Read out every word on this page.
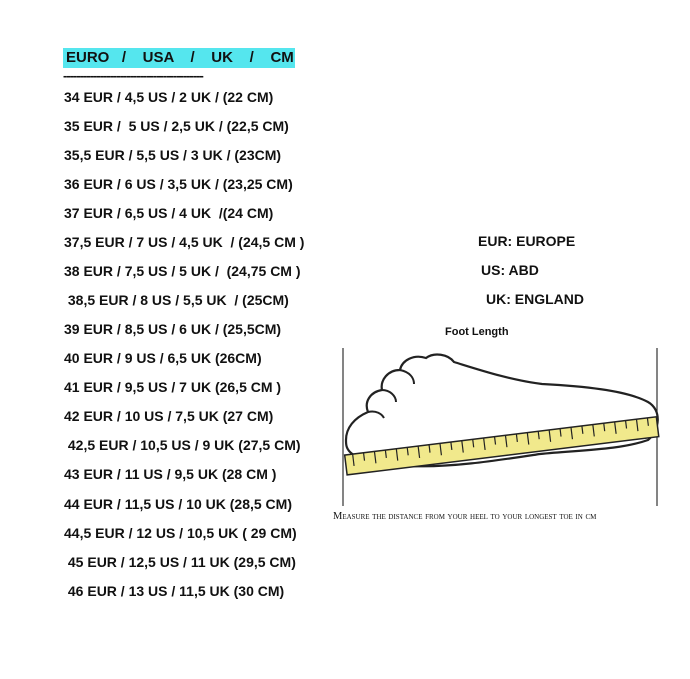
EURO   /    USA    /    UK    /    CM
------------------------------------------
34 EUR / 4,5 US / 2 UK / (22 CM)
35 EUR /  5 US / 2,5 UK / (22,5 CM)
35,5 EUR / 5,5 US / 3 UK / (23CM)
36 EUR / 6 US / 3,5 UK / (23,25 CM)
37 EUR / 6,5 US / 4 UK  /(24 CM)
37,5 EUR / 7 US / 4,5 UK  / (24,5 CM )
38 EUR / 7,5 US / 5 UK /  (24,75 CM )
38,5 EUR / 8 US / 5,5 UK  / (25CM)
39 EUR / 8,5 US / 6 UK / (25,5CM)
40 EUR / 9 US / 6,5 UK (26CM)
41 EUR / 9,5 US / 7 UK (26,5 CM )
42 EUR / 10 US / 7,5 UK (27 CM)
42,5 EUR / 10,5 US / 9 UK (27,5 CM)
43 EUR / 11 US / 9,5 UK (28 CM )
44 EUR / 11,5 US / 10 UK (28,5 CM)
44,5 EUR / 12 US / 10,5 UK ( 29 CM)
45 EUR / 12,5 US / 11 UK (29,5 CM)
46 EUR / 13 US / 11,5 UK (30 CM)
EUR: EUROPE
US: ABD
UK: ENGLAND
Foot Length
Measure the distance from your heel to your longest toe in cm
